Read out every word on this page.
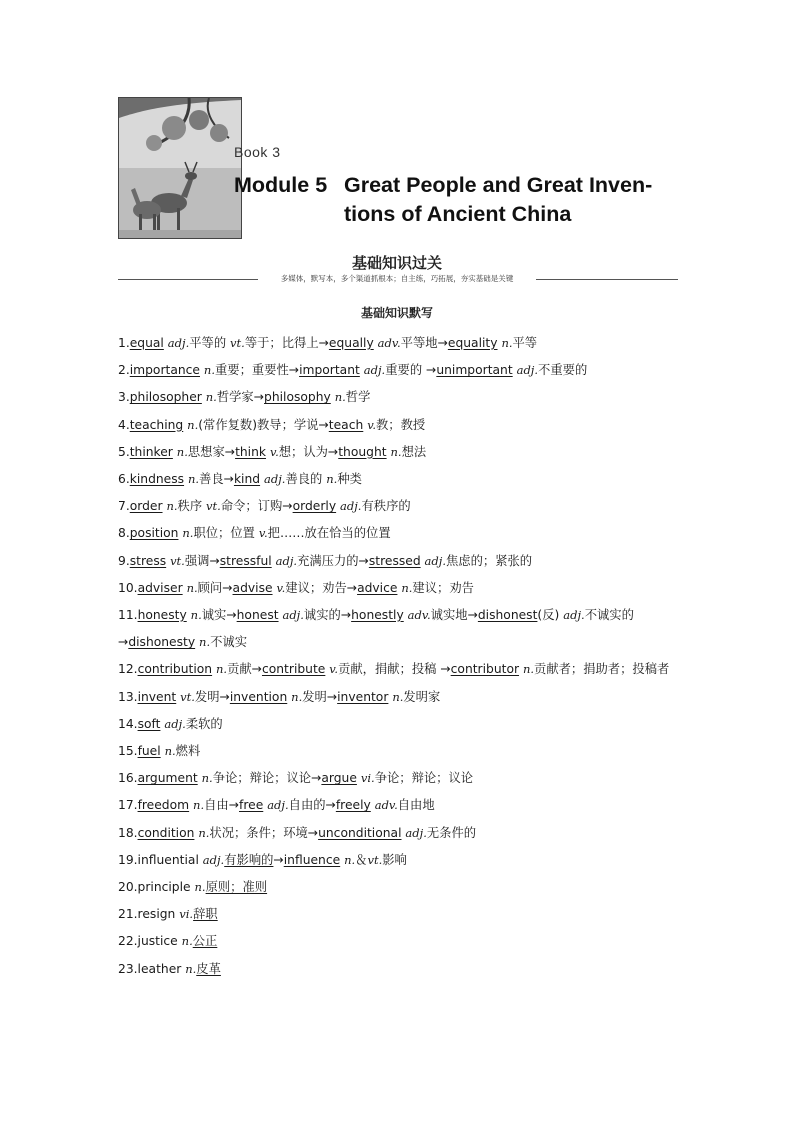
Book 3
Module 5 Great People and Great Inven-
tions of Ancient China
基础知识过关
多媒体，默写本，多个渠道抓根本；自主练，巧拓展，夯实基础是关键
基础知识默写
1.equal adj.平等的 vt.等于；比得上→equally adv.平等地→equality n.平等
2.importance n.重要；重要性→important adj.重要的 →unimportant adj.不重要的
3.philosopher n.哲学家→philosophy n.哲学
4.teaching n.(常作复数)教导；学说→teach v.教；教授
5.thinker n.思想家→think v.想；认为→thought n.想法
6.kindness n.善良→kind adj.善良的 n.种类
7.order n.秩序 vt.命令；订购→orderly adj.有秩序的
8.position n.职位；位置 v.把……放在恰当的位置
9.stress vt.强调→stressful adj.充满压力的→stressed adj.焦虑的；紧张的
10.adviser n.顾问→advise v.建议；劝告→advice n.建议；劝告
11.honesty n.诚实→honest adj.诚实的→honestly adv.诚实地→dishonest(反) adj.不诚实的→dishonesty n.不诚实
12.contribution n.贡献→contribute v.贡献，捐献；投稿 →contributor n.贡献者；捐助者；投稿者
13.invent vt.发明→invention n.发明→inventor n.发明家
14.soft adj.柔软的
15.fuel n.燃料
16.argument n.争论；辩论；议论→argue vi.争论；辩论；议论
17.freedom n.自由→free adj.自由的→freely adv.自由地
18.condition n.状况；条件；环境→unconditional adj.无条件的
19.influential adj.有影响的→influence n.＆vt.影响
20.principle n.原则；准则
21.resign vi.辞职
22.justice n.公正
23.leather n.皮革
